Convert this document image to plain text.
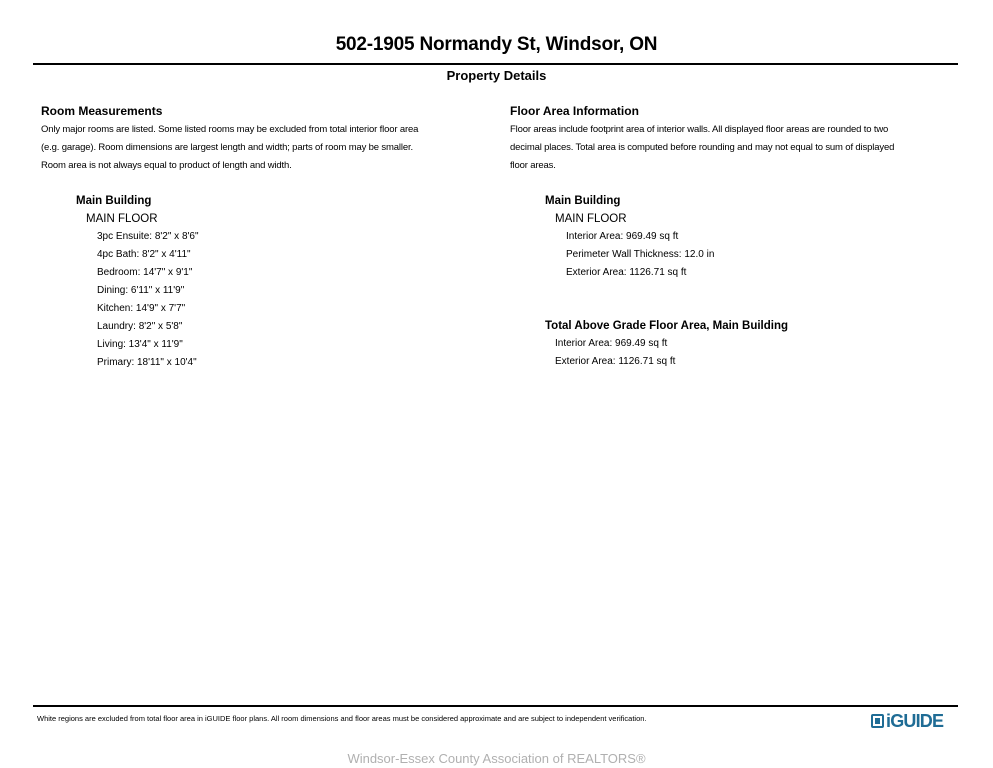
502-1905 Normandy St, Windsor, ON
Property Details
Room Measurements
Only major rooms are listed. Some listed rooms may be excluded from total interior floor area
(e.g. garage). Room dimensions are largest length and width; parts of room may be smaller.
Room area is not always equal to product of length and width.
Main Building
MAIN FLOOR
3pc Ensuite: 8'2" x 8'6"
4pc Bath: 8'2" x 4'11"
Bedroom: 14'7" x 9'1"
Dining: 6'11" x 11'9"
Kitchen: 14'9" x 7'7"
Laundry: 8'2" x 5'8"
Living: 13'4" x 11'9"
Primary: 18'11" x 10'4"
Floor Area Information
Floor areas include footprint area of interior walls. All displayed floor areas are rounded to two
decimal places. Total area is computed before rounding and may not equal to sum of displayed
floor areas.
Main Building
MAIN FLOOR
Interior Area: 969.49 sq ft
Perimeter Wall Thickness: 12.0 in
Exterior Area: 1126.71 sq ft
Total Above Grade Floor Area, Main Building
Interior Area: 969.49 sq ft
Exterior Area: 1126.71 sq ft
White regions are excluded from total floor area in iGUIDE floor plans. All room dimensions and floor areas must be considered approximate and are subject to independent verification.	iGUIDE
Windsor-Essex County Association of REALTORS®
